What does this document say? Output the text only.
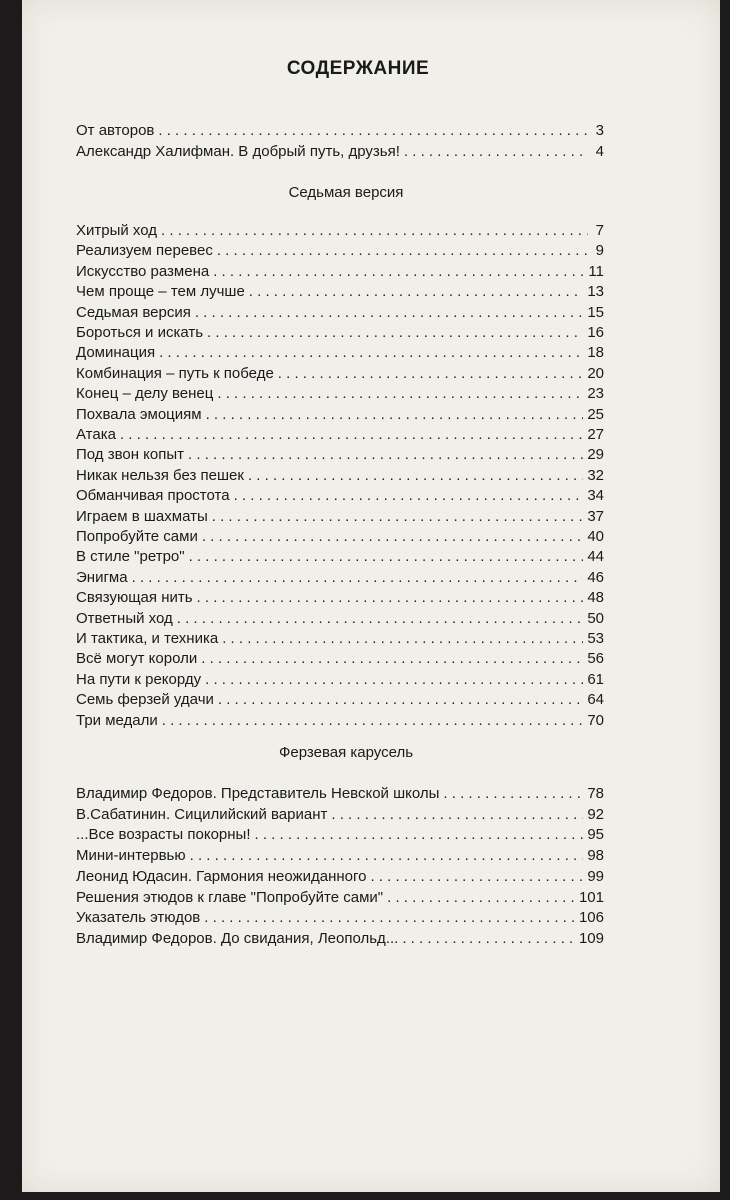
СОДЕРЖАНИЕ
От авторов . . .	3
Александр Халифман. В добрый путь, друзья! . . .	4
Седьмая версия
Хитрый ход . . .	7
Реализуем перевес . . .	9
Искусство размена . . .	11
Чем проще – тем лучше . . .	13
Седьмая версия . . .	15
Бороться и искать . . .	16
Доминация . . .	18
Комбинация – путь к победе . . .	20
Конец – делу венец . . .	23
Похвала эмоциям . . .	25
Атака . . .	27
Под звон копыт . . .	29
Никак нельзя без пешек . . .	32
Обманчивая простота . . .	34
Играем в шахматы . . .	37
Попробуйте сами . . .	40
В стиле "ретро" . . .	44
Энигма . . .	46
Связующая нить . . .	48
Ответный ход . . .	50
И тактика, и техника . . .	53
Всё могут короли . . .	56
На пути к рекорду . . .	61
Семь ферзей удачи . . .	64
Три медали . . .	70
Ферзевая карусель
Владимир Федоров. Представитель Невской школы . . .	78
В.Сабатинин. Сицилийский вариант . . .	92
...Все возрасты покорны! . . .	95
Мини-интервью . . .	98
Леонид Юдасин. Гармония неожиданного . . .	99
Решения этюдов к главе "Попробуйте сами" . . .	101
Указатель этюдов . . .	106
Владимир Федоров. До свидания, Леопольд... . . .	109
